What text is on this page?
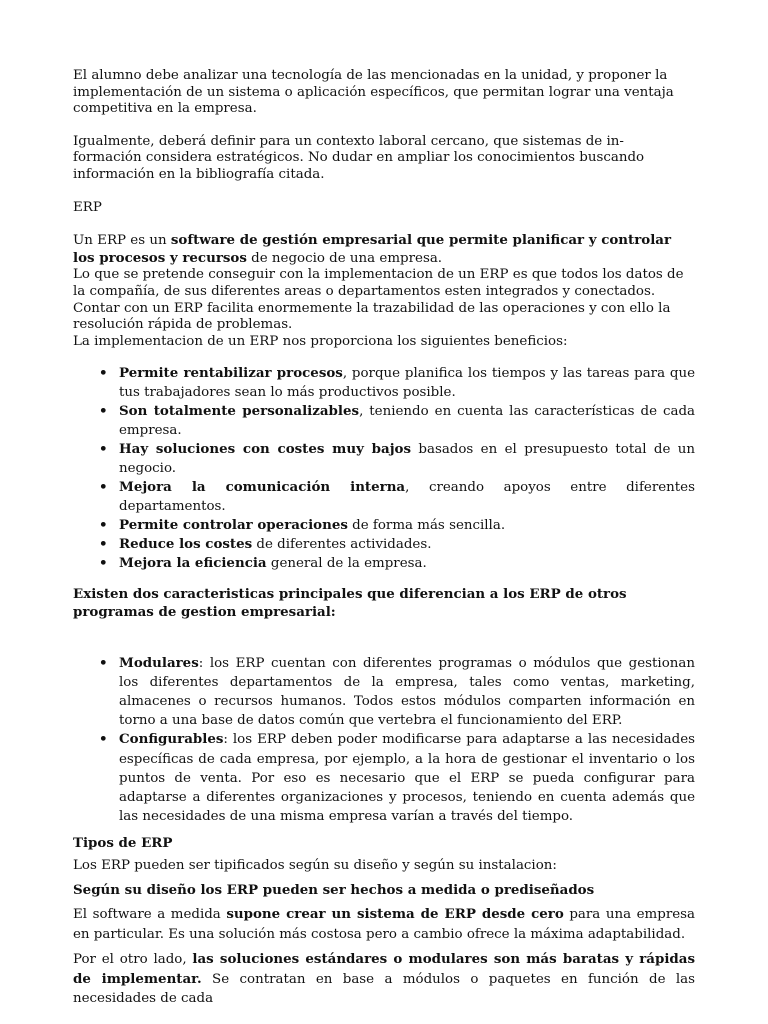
El alumno debe analizar una tecnología de las mencionadas en la unidad, y proponer la implementación de un sistema o aplicación específicos, que permitan lograr una ventaja competitiva en la empresa.

Igualmente, deberá definir para un contexto laboral cercano, que sistemas de in-

formación considera estratégicos. No dudar en ampliar los conocimientos buscando

información en la bibliografía citada.

ERP

Un ERP es un software de gestión empresarial que permite planificar y controlar los procesos y recursos de negocio de una empresa.

Lo que se pretende conseguir con la implementacion de un ERP es que todos los datos de la compañía, de sus diferentes areas o departamentos esten integrados y conectados.

Contar con un ERP facilita enormemente la trazabilidad de las operaciones y con ello la resolución rápida de problemas.

La implementacion de un ERP nos proporciona los siguientes beneficios:

• Permite rentabilizar procesos, porque planifica los tiempos y las tareas para que tus trabajadores sean lo más productivos posible.
• Son totalmente personalizables, teniendo en cuenta las características de cada empresa.
• Hay soluciones con costes muy bajos basados en el presupuesto total de un negocio.
• Mejora la comunicación interna, creando apoyos entre diferentes departamentos.
• Permite controlar operaciones de forma más sencilla.
• Reduce los costes de diferentes actividades.
• Mejora la eficiencia general de la empresa.

Existen dos caracteristicas principales que diferencian a los ERP de otros programas de gestion empresarial:

• Modulares: los ERP cuentan con diferentes programas o módulos que gestionan los diferentes departamentos de la empresa, tales como ventas, marketing, almacenes o recursos humanos. Todos estos módulos comparten información en torno a una base de datos común que vertebra el funcionamiento del ERP.
• Configurables: los ERP deben poder modificarse para adaptarse a las necesidades específicas de cada empresa, por ejemplo, a la hora de gestionar el inventario o los puntos de venta. Por eso es necesario que el ERP se pueda configurar para adaptarse a diferentes organizaciones y procesos, teniendo en cuenta además que las necesidades de una misma empresa varían a través del tiempo.

Tipos de ERP

Los ERP pueden ser tipificados según su diseño y según su instalacion:

Según su diseño los ERP pueden ser hechos a medida o prediseñados

El software a medida supone crear un sistema de ERP desde cero para una empresa en particular. Es una solución más costosa pero a cambio ofrece la máxima adaptabilidad.

Por el otro lado, las soluciones estándares o modulares son más baratas y rápidas de implementar. Se contratan en base a módulos o paquetes en función de las necesidades de cada
